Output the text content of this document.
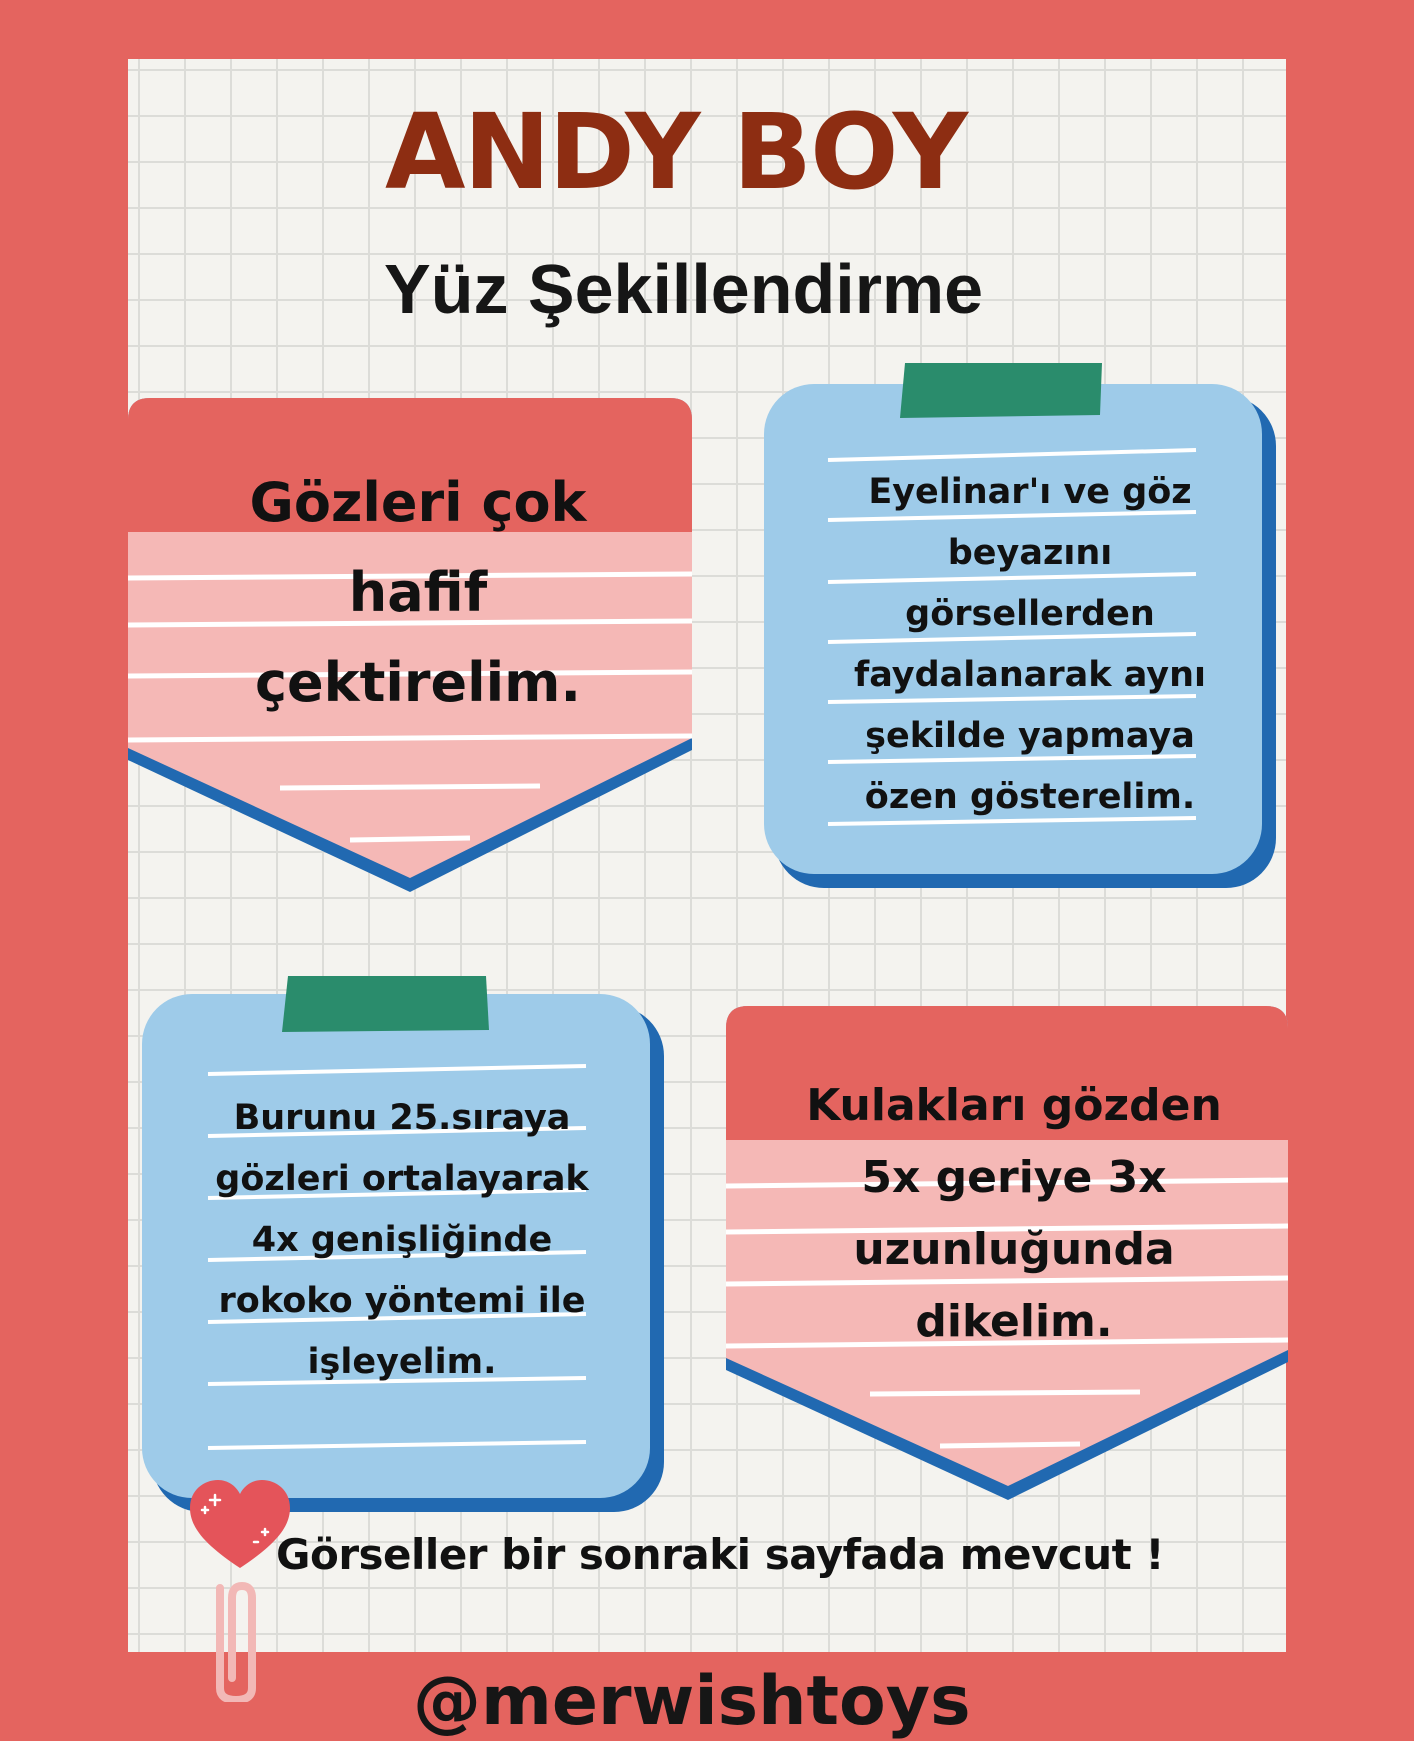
ANDY BOY
Yüz Şekillendirme

Gözleri çok
hafif
çektirelim.

Eyelinar'ı ve göz
beyazını
görsellerden
faydalanarak aynı
şekilde yapmaya
özen gösterelim.

Burunu 25.sıraya
gözleri ortalayarak
4x genişliğinde
rokoko yöntemi ile
işleyelim.

Kulakları gözden
5x geriye 3x
uzunluğunda
dikelim.

Görseller bir sonraki sayfada mevcut !

@merwishtoys
